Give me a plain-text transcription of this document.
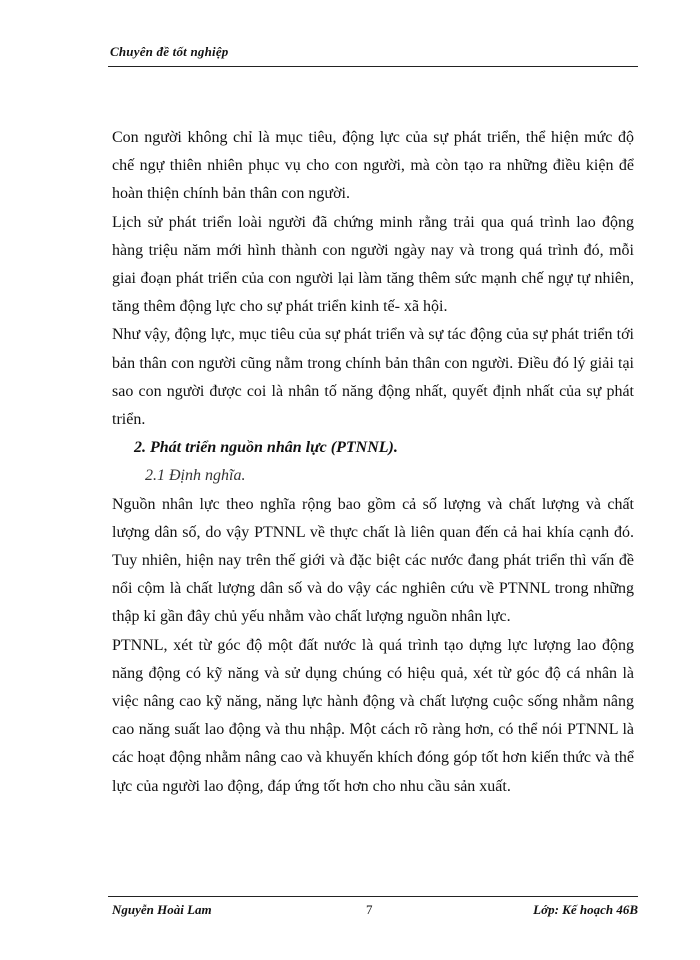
Chuyên đề tốt nghiệp

Con người không chỉ là mục tiêu, động lực của sự phát triển, thể hiện mức độ chế ngự thiên nhiên phục vụ cho con người, mà còn tạo ra những điều kiện để hoàn thiện chính bản thân con người.

Lịch sử phát triển loài người đã chứng minh rằng trải qua quá trình lao động hàng triệu năm mới hình thành con người ngày nay và trong quá trình đó, mỗi giai đoạn phát triển của con người lại làm tăng thêm sức mạnh chế ngự tự nhiên, tăng thêm động lực cho sự phát triển kinh tế- xã hội.

Như vậy, động lực, mục tiêu của sự phát triển và sự tác động của sự phát triển tới bản thân con người cũng nằm trong chính bản thân con người. Điều đó lý giải tại sao con người được coi là nhân tố năng động nhất, quyết định nhất của sự phát triển.

2. Phát triển nguồn nhân lực (PTNNL).

2.1 Định nghĩa.

Nguồn nhân lực theo nghĩa rộng bao gồm cả số lượng và chất lượng và chất lượng dân số, do vậy PTNNL về thực chất là liên quan đến cả hai khía cạnh đó. Tuy nhiên, hiện nay trên thế giới và đặc biệt các nước đang phát triển thì vấn đề nổi cộm là chất lượng dân số và do vậy các nghiên cứu về PTNNL trong những thập kỉ gần đây chủ yếu nhằm vào chất lượng nguồn nhân lực.

PTNNL, xét từ góc độ một đất nước là quá trình tạo dựng lực lượng lao động năng động có kỹ năng và sử dụng chúng có hiệu quả, xét từ góc độ cá nhân là việc nâng cao kỹ năng, năng lực hành động và chất lượng cuộc sống nhằm nâng cao năng suất lao động và thu nhập. Một cách rõ ràng hơn, có thể nói PTNNL là các hoạt động nhằm nâng cao và khuyến khích đóng góp tốt hơn kiến thức và thể lực của người lao động, đáp ứng tốt hơn cho nhu cầu sản xuất.

Nguyễn Hoài Lam	7	Lớp: Kế hoạch 46B
